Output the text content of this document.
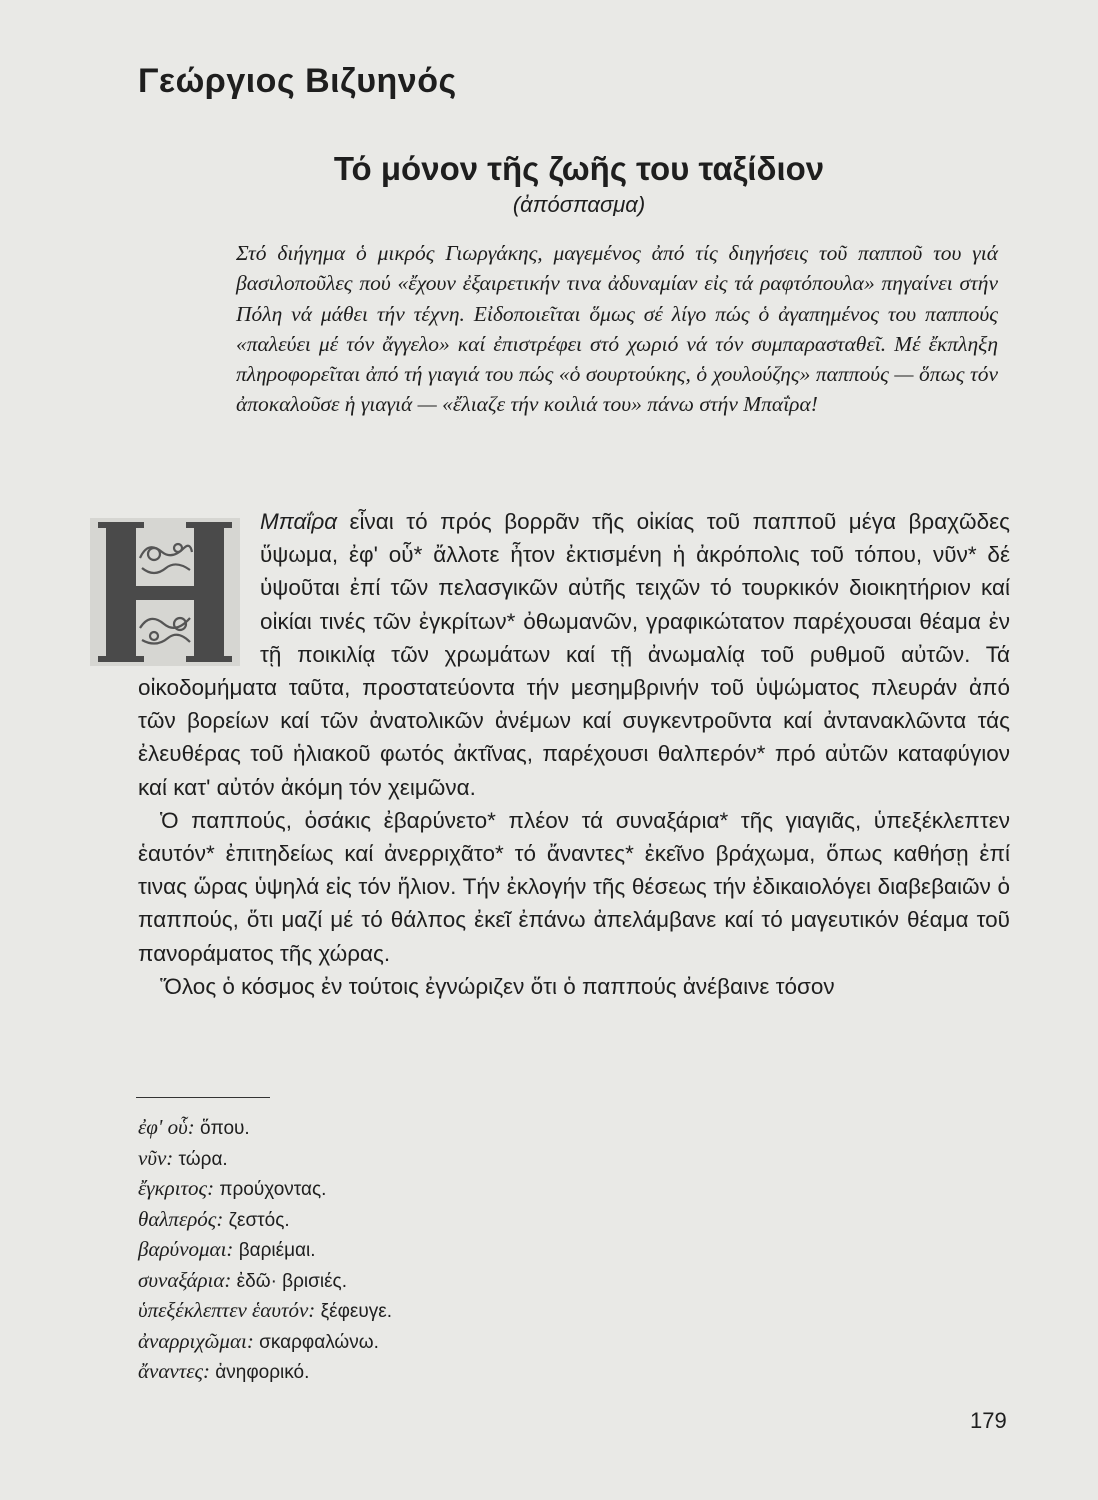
Γεώργιος Βιζυηνός
Τό μόνον τῆς ζωῆς του ταξίδιον
(ἀπόσπασμα)

Στό διήγημα ὁ μικρός Γιωργάκης, μαγεμένος ἀπό τίς διηγήσεις τοῦ παπποῦ του γιά βασιλοποῦλες πού «ἔχουν ἐξαιρετικήν τινα ἀδυναμίαν εἰς τά ραφτόπουλα» πηγαίνει στήν Πόλη νά μάθει τήν τέχνη. Εἰδοποιεῖται ὅμως σέ λίγο πώς ὁ ἀγαπημένος του παππούς «παλεύει μέ τόν ἄγγελο» καί ἐπιστρέφει στό χωριό νά τόν συμπαρασταθεῖ. Μέ ἔκπληξη πληροφορεῖται ἀπό τή γιαγιά του πώς «ὁ σουρτούκης, ὁ χουλούζης» παππούς — ὅπως τόν ἀποκαλοῦσε ἡ γιαγιά — «ἔλιαζε τήν κοιλιά του» πάνω στήν Μπαΐρα!

Μπαΐρα εἶναι τό πρός βορρᾶν τῆς οἰκίας τοῦ παπποῦ μέγα βραχῶδες ὕψωμα, ἐφ' οὗ* ἄλλοτε ἦτον ἐκτισμένη ἡ ἀκρόπολις τοῦ τόπου, νῦν* δέ ὑψοῦται ἐπί τῶν πελασγικῶν αὐτῆς τειχῶν τό τουρκικόν διοικητήριον καί οἰκίαι τινές τῶν ἐγκρίτων* ὀθωμανῶν, γραφικώτατον παρέχουσαι θέαμα ἐν τῇ ποικιλίᾳ τῶν χρωμάτων καί τῇ ἀνωμαλίᾳ τοῦ ρυθμοῦ αὐτῶν. Τά οἰκοδομήματα ταῦτα, προστατεύοντα τήν μεσημβρινήν τοῦ ὑψώματος πλευράν ἀπό τῶν βορείων καί τῶν ἀνατολικῶν ἀνέμων καί συγκεντροῦντα καί ἀντανακλῶντα τάς ἐλευθέρας τοῦ ἡλιακοῦ φωτός ἀκτῖνας, παρέχουσι θαλπερόν* πρό αὐτῶν καταφύγιον καί κατ' αὐτόν ἀκόμη τόν χειμῶνα.

Ὁ παππούς, ὁσάκις ἐβαρύνετο* πλέον τά συναξάρια* τῆς γιαγιᾶς, ὑπεξέκλεπτεν ἑαυτόν* ἐπιτηδείως καί ἀνερριχᾶτο* τό ἄναντες* ἐκεῖνο βράχωμα, ὅπως καθήσῃ ἐπί τινας ὥρας ὑψηλά εἰς τόν ἥλιον. Τήν ἐκλογήν τῆς θέσεως τήν ἐδικαιολόγει διαβεβαιῶν ὁ παππούς, ὅτι μαζί μέ τό θάλπος ἐκεῖ ἐπάνω ἀπελάμβανε καί τό μαγευτικόν θέαμα τοῦ πανοράματος τῆς χώρας.

Ὅλος ὁ κόσμος ἐν τούτοις ἐγνώριζεν ὅτι ὁ παππούς ἀνέβαινε τόσον

ἐφ' οὗ: ὅπου.
νῦν: τώρα.
ἔγκριτος: προύχοντας.
θαλπερός: ζεστός.
βαρύνομαι: βαριέμαι.
συναξάρια: ἐδῶ· βρισιές.
ὑπεξέκλεπτεν ἑαυτόν: ξέφευγε.
ἀναρριχῶμαι: σκαρφαλώνω.
ἄναντες: ἀνηφορικό.
179
